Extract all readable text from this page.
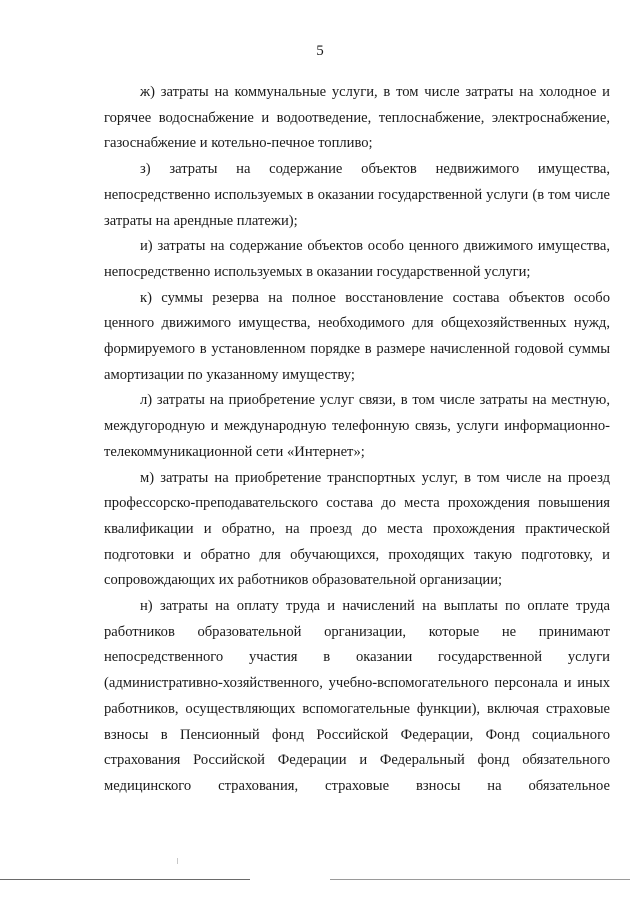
5

ж) затраты на коммунальные услуги, в том числе затраты на холодное и горячее водоснабжение и водоотведение, теплоснабжение, электроснабжение, газоснабжение и котельно-печное топливо;

з) затраты на содержание объектов недвижимого имущества, непосредственно используемых в оказании государственной услуги (в том числе затраты на арендные платежи);

и) затраты на содержание объектов особо ценного движимого имущества, непосредственно используемых в оказании государственной услуги;

к) суммы резерва на полное восстановление состава объектов особо ценного движимого имущества, необходимого для общехозяйственных нужд, формируемого в установленном порядке в размере начисленной годовой суммы амортизации по указанному имуществу;

л) затраты на приобретение услуг связи, в том числе затраты на местную, междугородную и международную телефонную связь, услуги информационно-телекоммуникационной сети «Интернет»;

м) затраты на приобретение транспортных услуг, в том числе на проезд профессорско-преподавательского состава до места прохождения повышения квалификации и обратно, на проезд до места прохождения практической подготовки и обратно для обучающихся, проходящих такую подготовку, и сопровождающих их работников образовательной организации;

н) затраты на оплату труда и начислений на выплаты по оплате труда работников образовательной организации, которые не принимают непосредственного участия в оказании государственной услуги (административно-хозяйственного, учебно-вспомогательного персонала и иных работников, осуществляющих вспомогательные функции), включая страховые взносы в Пенсионный фонд Российской Федерации, Фонд социального страхования Российской Федерации и Федеральный фонд обязательного медицинского страхования, страховые взносы на обязательное
